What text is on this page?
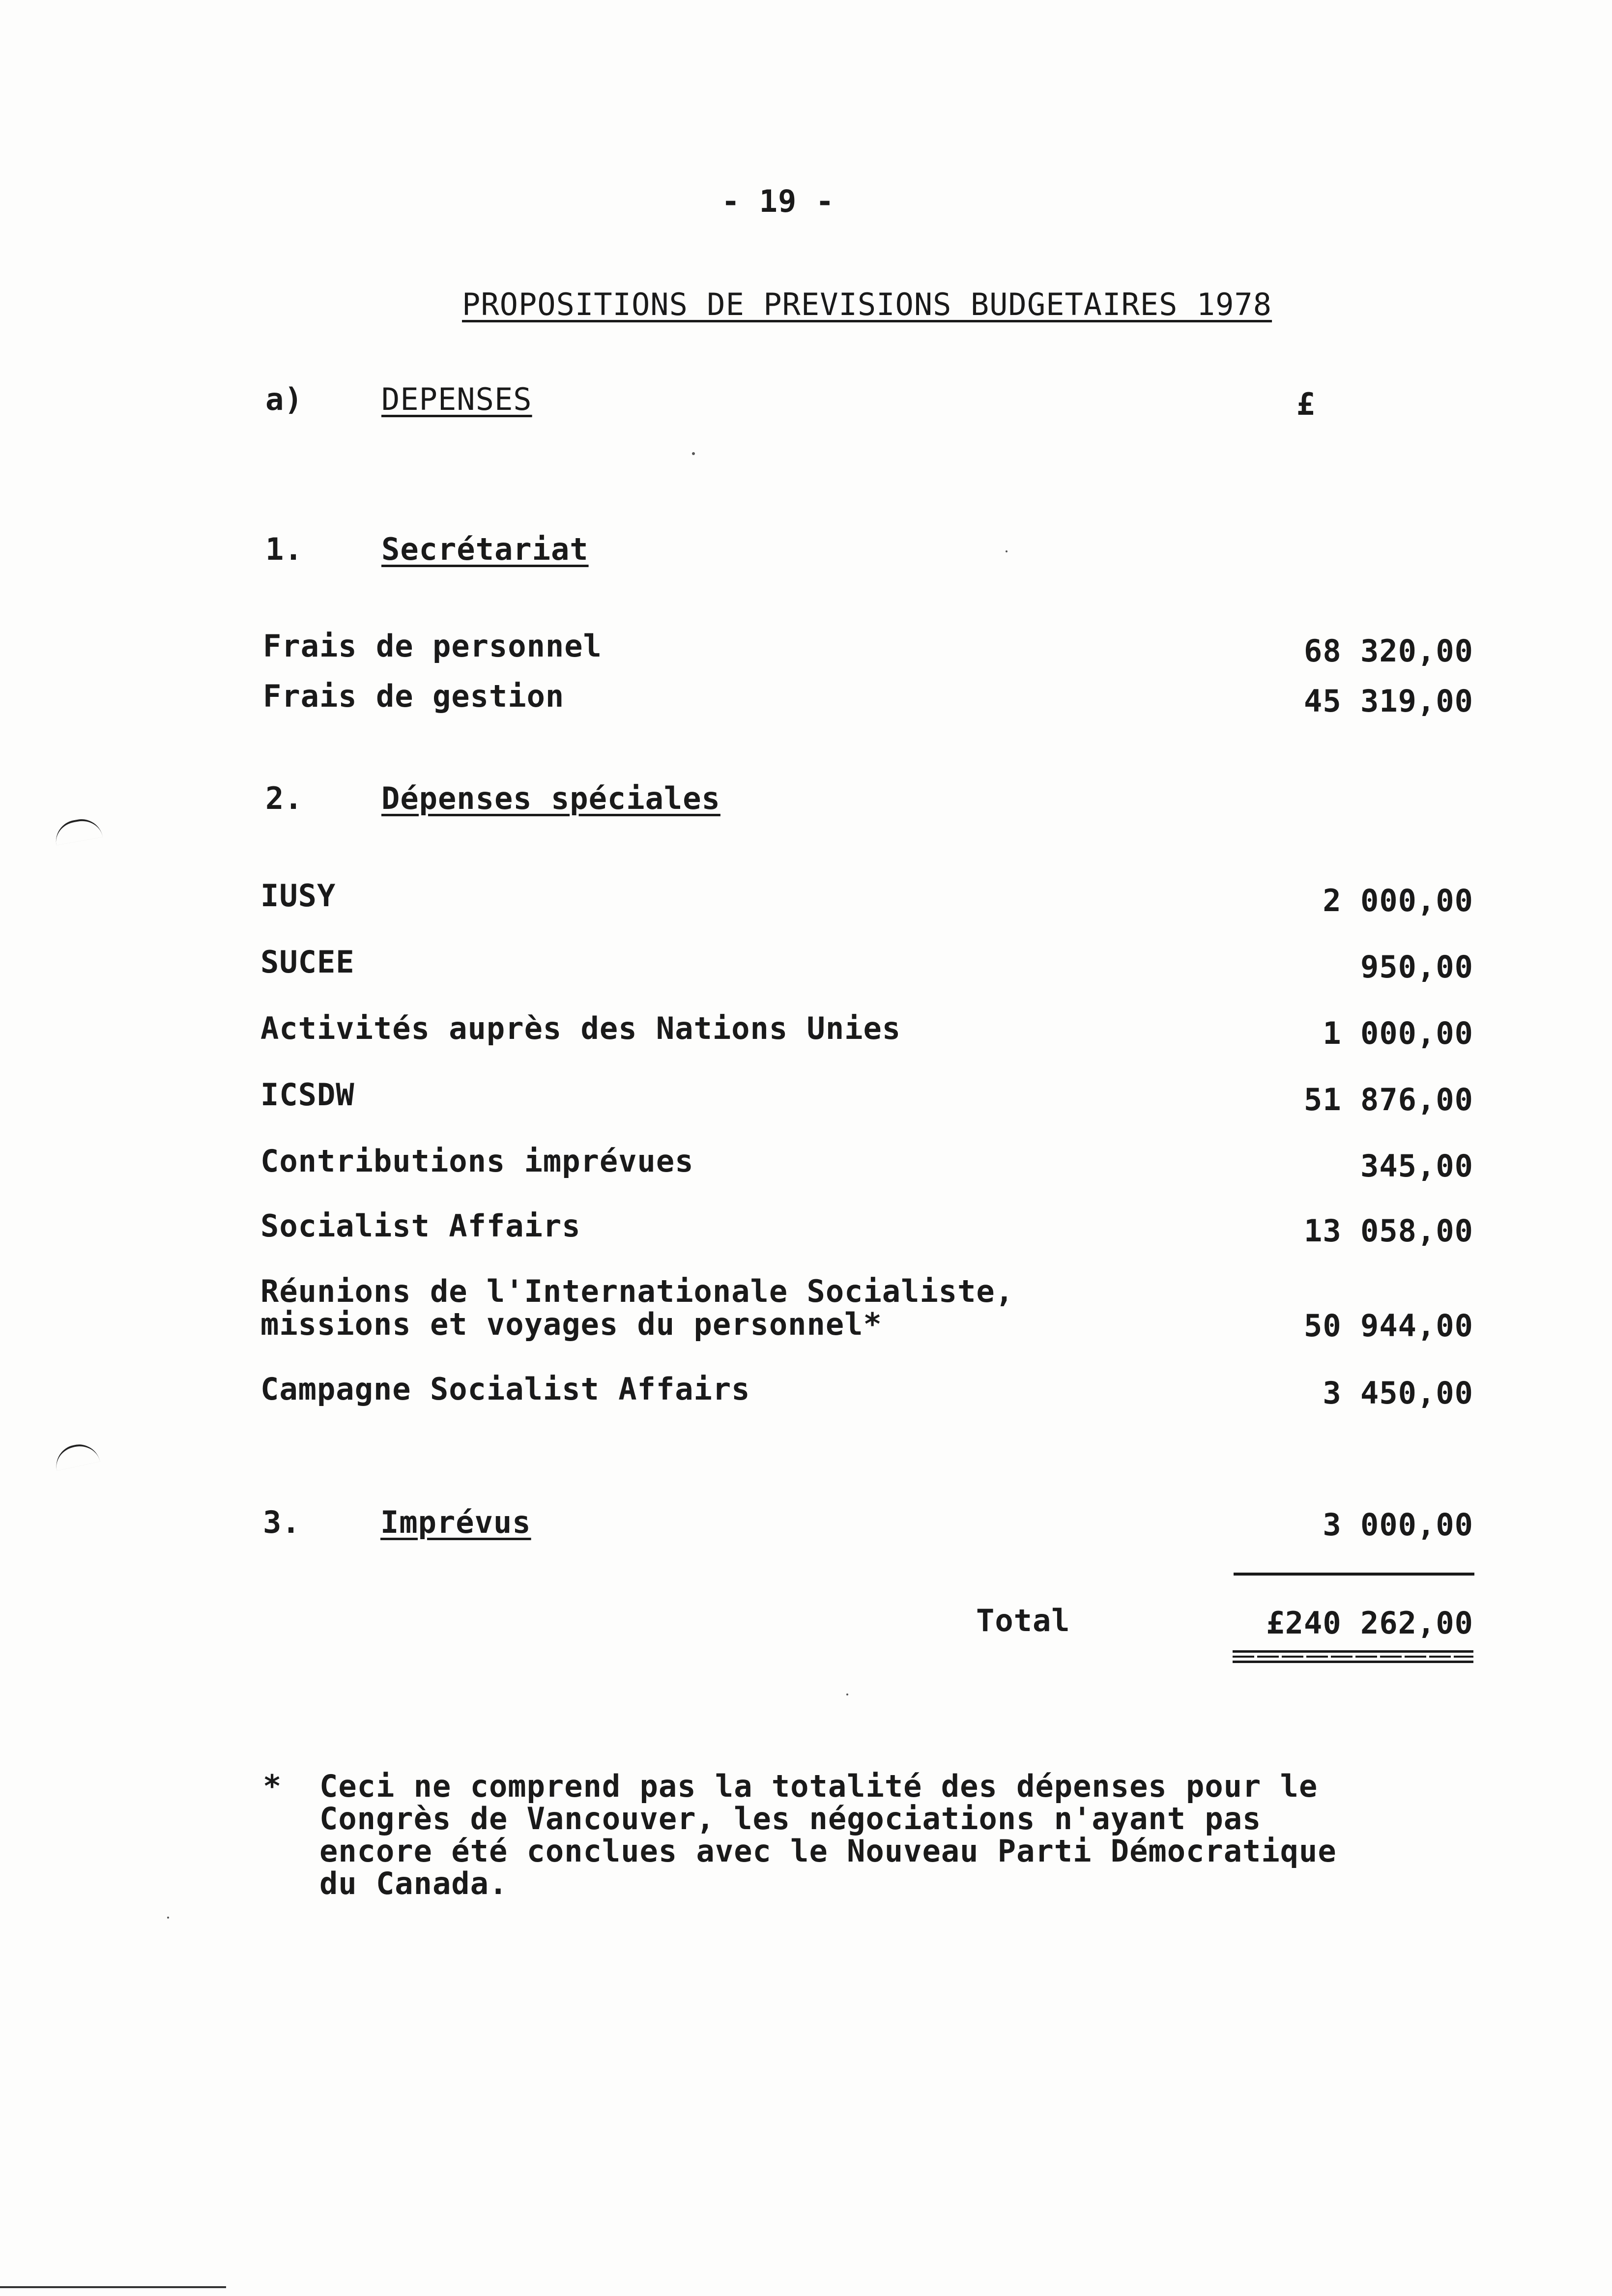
- 19 -
PROPOSITIONS DE PREVISIONS BUDGETAIRES 1978
a)	DEPENSES	£
1.	Secrétariat
Frais de personnel	68 320,00
Frais de gestion	45 319,00
2.	Dépenses spéciales
IUSY	2 000,00
SUCEE	950,00
Activités auprès des Nations Unies	1 000,00
ICSDW	51 876,00
Contributions imprévues	345,00
Socialist Affairs	13 058,00
Réunions de l'Internationale Socialiste,
missions et voyages du personnel*	50 944,00
Campagne Socialist Affairs	3 450,00
3.	Imprévus	3 000,00
Total	£240 262,00
* Ceci ne comprend pas la totalité des dépenses pour le
Congrès de Vancouver, les négociations n'ayant pas
encore été conclues avec le Nouveau Parti Démocratique
du Canada.
